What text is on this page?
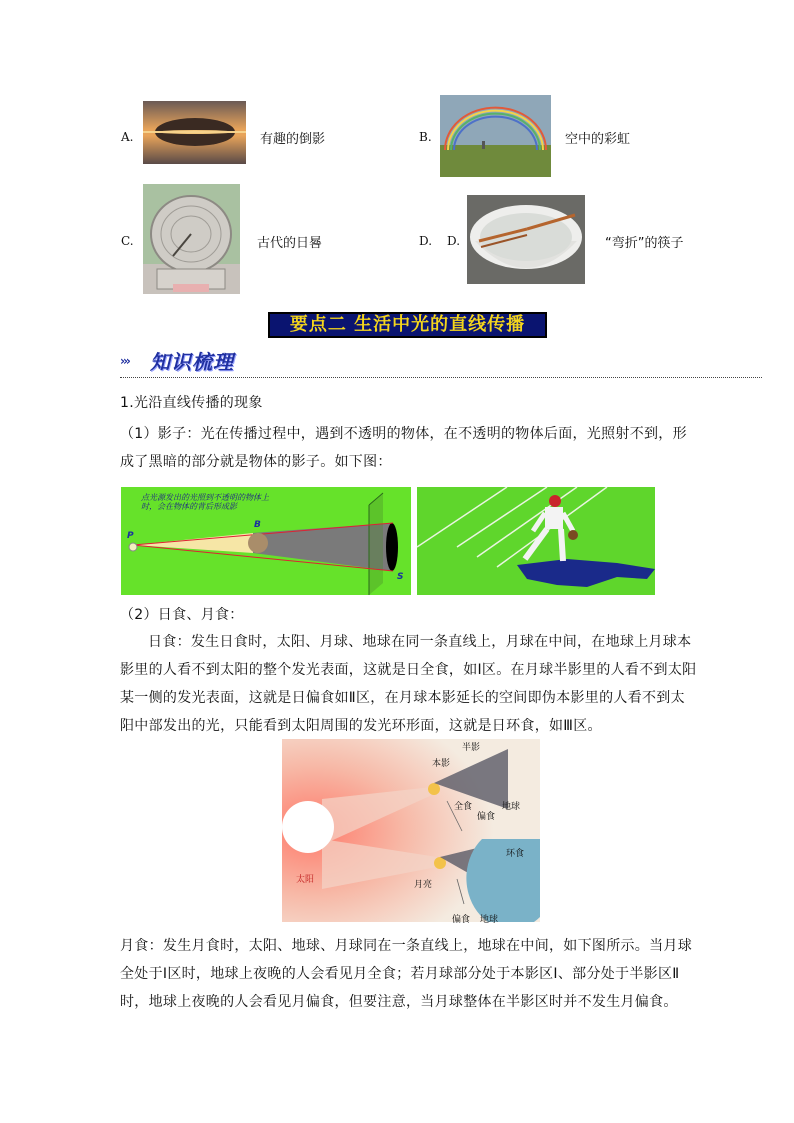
A.	有趣的倒影	B.	空中的彩虹
C.	古代的日晷	D. D.	“弯折”的筷子
要点二 生活中光的直线传播
››› 知识梳理
1.光沿直线传播的现象
（1）影子：光在传播过程中，遇到不透明的物体，在不透明的物体后面，光照射不到，形成了黑暗的部分就是物体的影子。如下图：
P
B
S
点光源发出的光照到不透明的物体上时，会在物体的背后形成影
（2）日食、月食：
日食：发生日食时，太阳、月球、地球在同一条直线上，月球在中间，在地球上月球本影里的人看不到太阳的整个发光表面，这就是日全食，如Ⅰ区。在月球半影里的人看不到太阳某一侧的发光表面，这就是日偏食如Ⅱ区，在月球本影延长的空间即伪本影里的人看不到太阳中部发出的光，只能看到太阳周围的发光环形面，这就是日环食，如Ⅲ区。
太阳	月亮
本影
半影
全食
偏食
地球
环食
偏食 地球
月食：发生月食时，太阳、地球、月球同在一条直线上，地球在中间，如下图所示。当月球全处于Ⅰ区时，地球上夜晚的人会看见月全食；若月球部分处于本影区Ⅰ、部分处于半影区Ⅱ时，地球上夜晚的人会看见月偏食，但要注意，当月球整体在半影区时并不发生月偏食。
